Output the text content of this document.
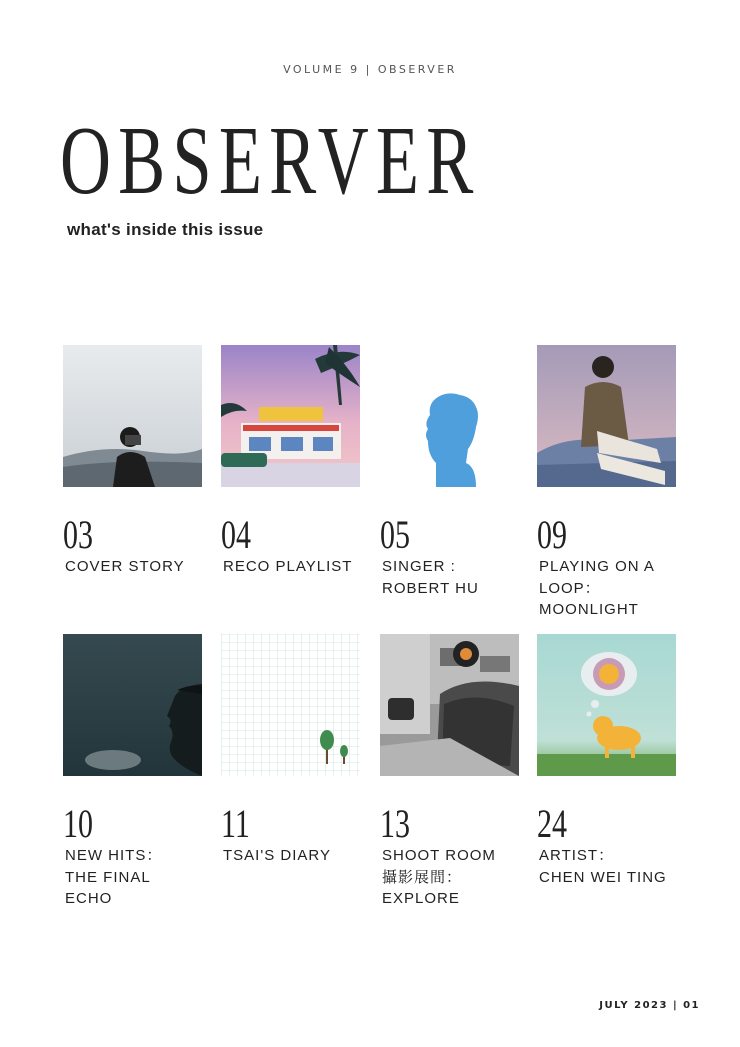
VOLUME 9 | OBSERVER
OBSERVER
what's inside this issue
03
COVER STORY
04
RECO PLAYLIST
05
SINGER :
ROBERT HU
09
PLAYING ON A
LOOP：
MOONLIGHT
10
NEW HITS：
THE FINAL
ECHO
11
TSAI'S DIARY
13
SHOOT ROOM
攝影展間：
EXPLORE
24
ARTIST：
CHEN WEI TING
JULY 2023 | 01
